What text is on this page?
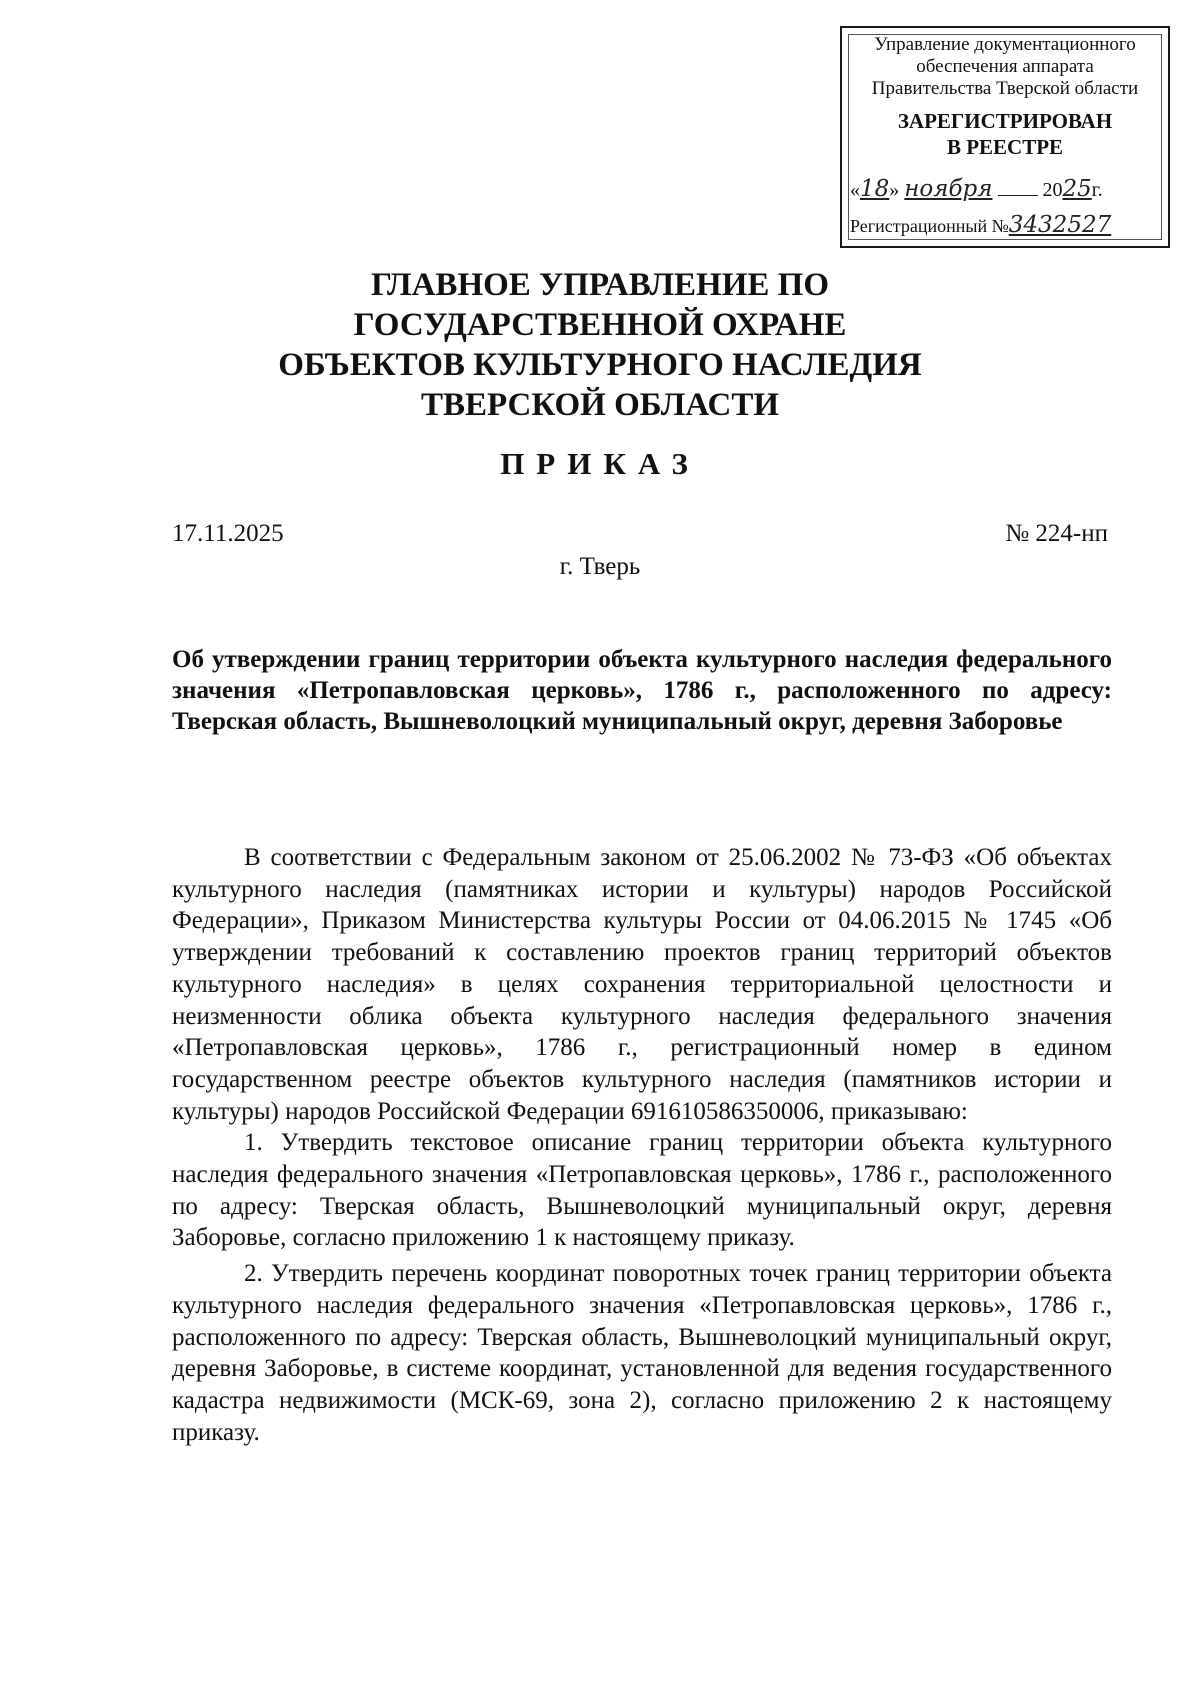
Управление документационного
обеспечения аппарата
Правительства Тверской области
ЗАРЕГИСТРИРОВАН
В РЕЕСТРЕ
«18» ноября	2025г.
Регистрационный №3432527
ГЛАВНОЕ УПРАВЛЕНИЕ ПО
ГОСУДАРСТВЕННОЙ ОХРАНЕ
ОБЪЕКТОВ КУЛЬТУРНОГО НАСЛЕДИЯ
ТВЕРСКОЙ ОБЛАСТИ
ПРИКАЗ
17.11.2025	№ 224-нп
г. Тверь
Об утверждении границ территории объекта культурного наследия федерального значения «Петропавловская церковь», 1786 г., расположенного по адресу: Тверская область, Вышневолоцкий муниципальный округ, деревня Заборовье

В соответствии с Федеральным законом от 25.06.2002 № 73-ФЗ «Об объектах культурного наследия (памятниках истории и культуры) народов Российской Федерации», Приказом Министерства культуры России от 04.06.2015 № 1745 «Об утверждении требований к составлению проектов границ территорий объектов культурного наследия» в целях сохранения территориальной целостности и неизменности облика объекта культурного наследия федерального значения «Петропавловская церковь», 1786 г., регистрационный номер в едином государственном реестре объектов культурного наследия (памятников истории и культуры) народов Российской Федерации 691610586350006, приказываю:

1. Утвердить текстовое описание границ территории объекта культурного наследия федерального значения «Петропавловская церковь», 1786 г., расположенного по адресу: Тверская область, Вышневолоцкий муниципальный округ, деревня Заборовье, согласно приложению 1 к настоящему приказу.

2. Утвердить перечень координат поворотных точек границ территории объекта культурного наследия федерального значения «Петропавловская церковь», 1786 г., расположенного по адресу: Тверская область, Вышневолоцкий муниципальный округ, деревня Заборовье, в системе координат, установленной для ведения государственного кадастра недвижимости (МСК-69, зона 2), согласно приложению 2 к настоящему приказу.
